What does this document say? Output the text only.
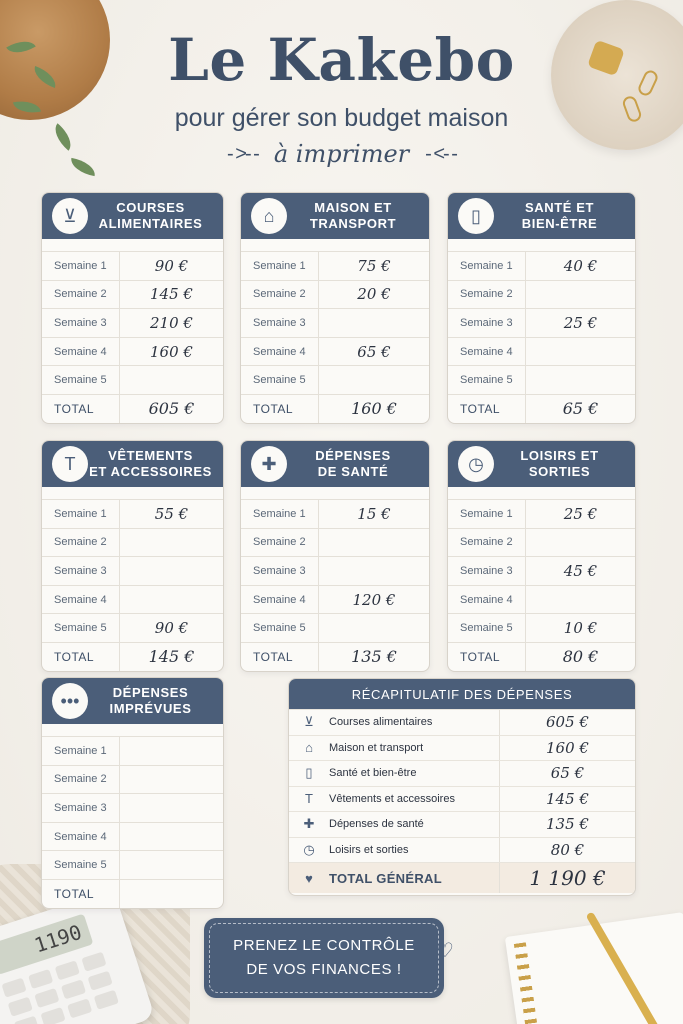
1190
Le Kakebo
pour gérer son budget maison
- >- - à imprimer - <- -
⊻	COURSES
ALIMENTAIRES
Semaine 1	90 €
Semaine 2	145 €
Semaine 3	210 €
Semaine 4	160 €
Semaine 5
TOTAL	605 €
⌂	MAISON ET
TRANSPORT
Semaine 1	75 €
Semaine 2	20 €
Semaine 3
Semaine 4	65 €
Semaine 5
TOTAL	160 €
▯	SANTÉ ET
BIEN-ÊTRE
Semaine 1	40 €
Semaine 2
Semaine 3	25 €
Semaine 4
Semaine 5
TOTAL	65 €
T	VÊTEMENTS
ET ACCESSOIRES
Semaine 1	55 €
Semaine 2
Semaine 3
Semaine 4
Semaine 5	90 €
TOTAL	145 €
✚	DÉPENSES
DE SANTÉ
Semaine 1	15 €
Semaine 2
Semaine 3
Semaine 4	120 €
Semaine 5
TOTAL	135 €
◷	LOISIRS ET
SORTIES
Semaine 1	25 €
Semaine 2
Semaine 3	45 €
Semaine 4
Semaine 5	10 €
TOTAL	80 €
•••	DÉPENSES
IMPRÉVUES
Semaine 1
Semaine 2
Semaine 3
Semaine 4
Semaine 5
TOTAL
RÉCAPITULATIF DES DÉPENSES
⊻	Courses alimentaires	605 €
⌂	Maison et transport	160 €
▯	Santé et bien-être	65 €
T	Vêtements et accessoires	145 €
✚	Dépenses de santé	135 €
◷	Loisirs et sorties	80 €
♥	TOTAL GÉNÉRAL	1 190 €
PRENEZ LE CONTRÔLE
DE VOS FINANCES !
♡
